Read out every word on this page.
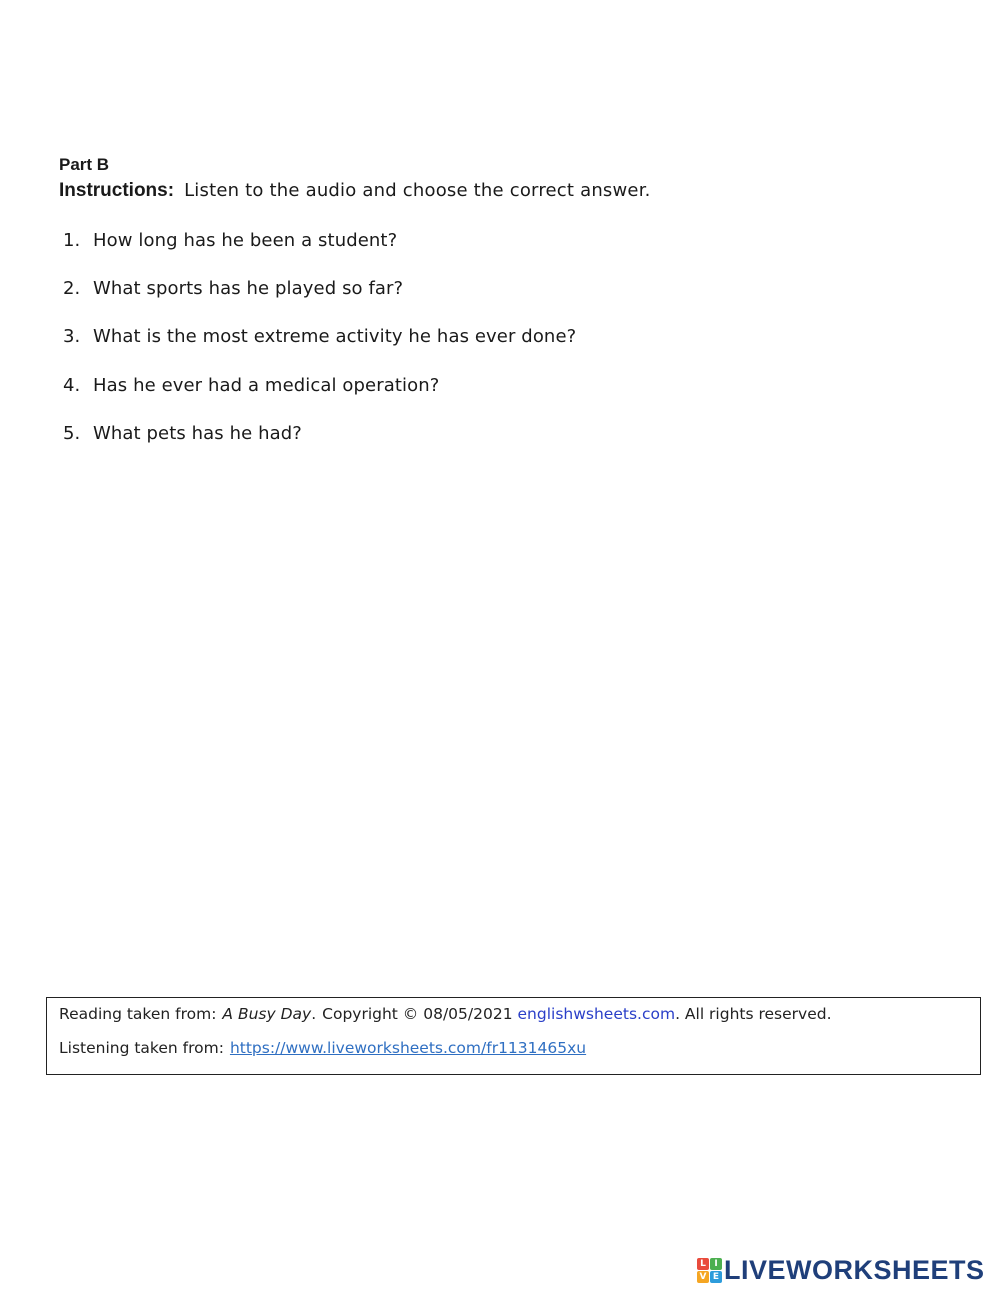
Part B
Instructions: Listen to the audio and choose the correct answer.
1. How long has he been a student?
2. What sports has he played so far?
3. What is the most extreme activity he has ever done?
4. Has he ever had a medical operation?
5. What pets has he had?
Reading taken from: A Busy Day. Copyright © 08/05/2021 englishwsheets.com. All rights reserved.
Listening taken from: https://www.liveworksheets.com/fr1131465xu
L I
V E LIVEWORKSHEETS
